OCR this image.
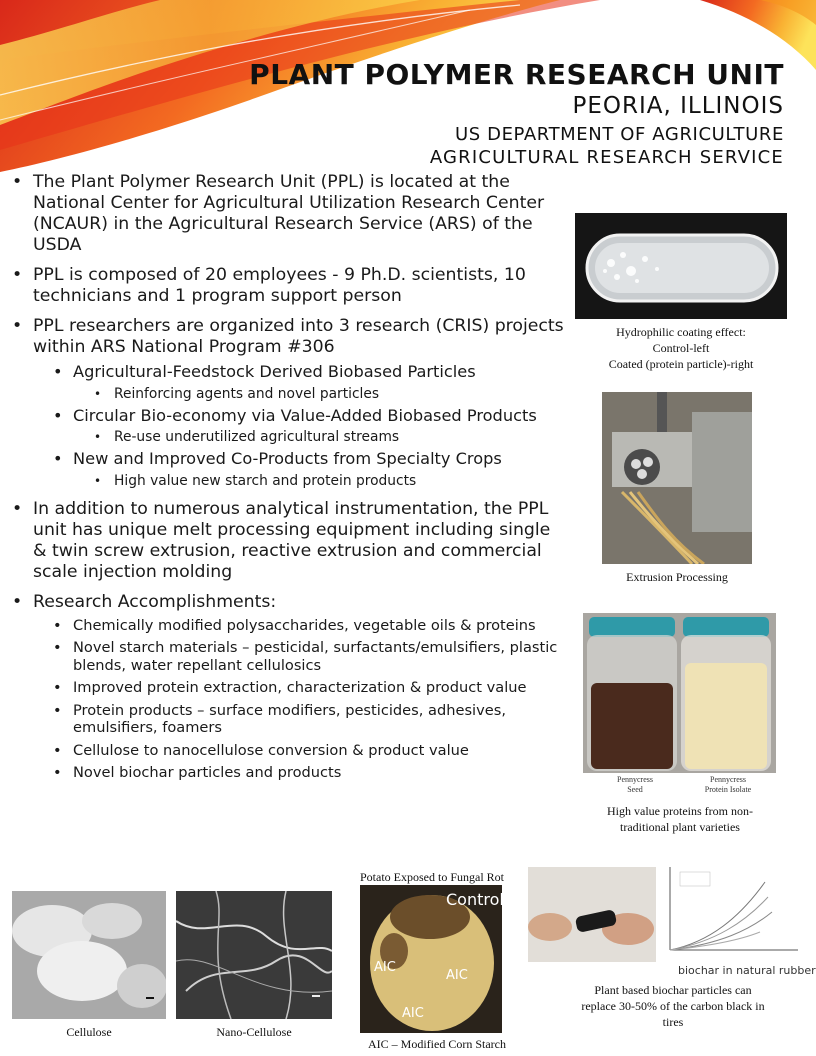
PLANT POLYMER RESEARCH UNIT
PEORIA, ILLINOIS
US DEPARTMENT OF AGRICULTURE
AGRICULTURAL RESEARCH SERVICE
• The Plant Polymer Research Unit (PPL) is located at the National Center for Agricultural Utilization Research Center (NCAUR) in the Agricultural Research Service (ARS) of the USDA
• PPL is composed of 20 employees - 9 Ph.D. scientists, 10 technicians and 1 program support person
• PPL researchers are organized into 3 research (CRIS) projects within ARS National Program #306
• Agricultural-Feedstock Derived Biobased Particles
• Reinforcing agents and novel particles
• Circular Bio-economy via Value-Added Biobased Products
• Re-use underutilized agricultural streams
• New and Improved Co-Products from Specialty Crops
• High value new starch and protein products
• In addition to numerous analytical instrumentation, the PPL unit has unique melt processing equipment including single & twin screw extrusion, reactive extrusion and commercial scale injection molding
• Research Accomplishments:
• Chemically modified polysaccharides, vegetable oils & proteins
• Novel starch materials – pesticidal, surfactants/emulsifiers, plastic blends, water repellant cellulosics
• Improved protein extraction, characterization & product value
• Protein products – surface modifiers, pesticides, adhesives, emulsifiers, foamers
• Cellulose to nanocellulose conversion & product value
• Novel biochar particles and products
Hydrophilic coating effect:
Control-left
Coated (protein particle)-right
Extrusion Processing
Pennycress
Seed
Pennycress
Protein Isolate
High value proteins from non-traditional plant varieties
Cellulose	Nano-Cellulose
Potato Exposed to Fungal Rot
Control
AIC
AIC
AIC
AIC – Modified Corn Starch
biochar in natural rubber
Plant based biochar particles can replace 30-50% of the carbon black in tires
